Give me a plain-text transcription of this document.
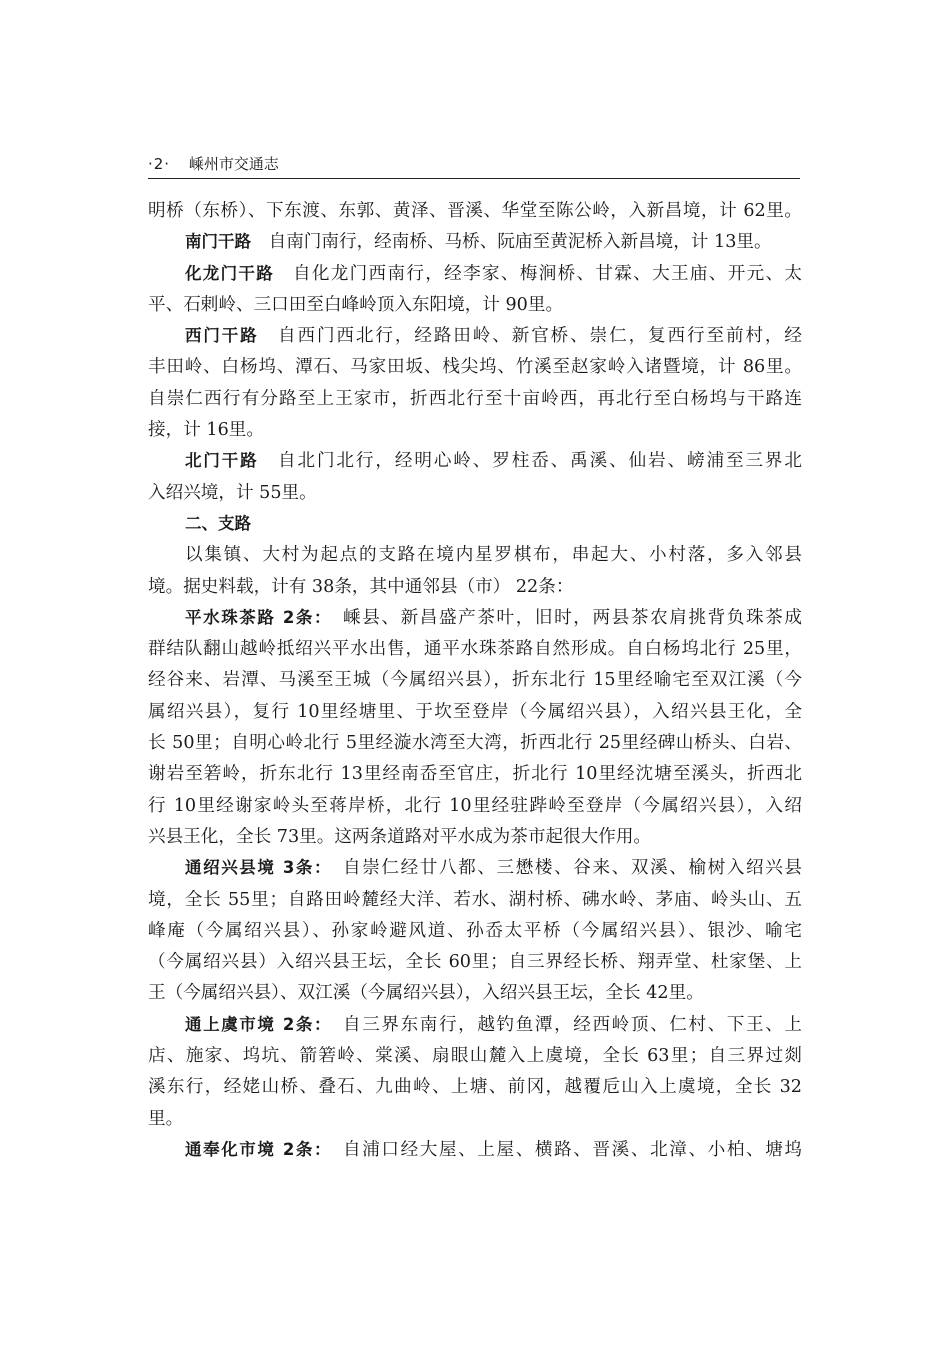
·2· 嵊州市交通志
明桥（东桥）、下东渡、东郭、黄泽、晋溪、华堂至陈公岭，入新昌境，计 62里。
南门干路　自南门南行，经南桥、马桥、阮庙至黄泥桥入新昌境，计 13里。
化龙门干路　自化龙门西南行，经李家、梅涧桥、甘霖、大王庙、开元、太
平、石剌岭、三口田至白峰岭顶入东阳境，计 90里。
西门干路　自西门西北行，经路田岭、新官桥、崇仁，复西行至前村，经
丰田岭、白杨坞、潭石、马家田坂、栈尖坞、竹溪至赵家岭入诸暨境，计 86里。
自崇仁西行有分路至上王家市，折西北行至十亩岭西，再北行至白杨坞与干路连
接，计 16里。
北门干路　自北门北行，经明心岭、罗柱岙、禹溪、仙岩、嵭浦至三界北
入绍兴境，计 55里。
二、支路
以集镇、大村为起点的支路在境内星罗棋布，串起大、小村落，多入邻县
境。据史料载，计有 38条，其中通邻县（市） 22条：
平水珠茶路 2条：　嵊县、新昌盛产茶叶，旧时，两县茶农肩挑背负珠茶成
群结队翻山越岭抵绍兴平水出售，通平水珠茶路自然形成。自白杨坞北行 25里，
经谷来、岩潭、马溪至王城（今属绍兴县），折东北行 15里经喻宅至双江溪（今
属绍兴县），复行 10里经塘里、于坎至登岸（今属绍兴县），入绍兴县王化，全
长 50里；自明心岭北行 5里经漩水湾至大湾，折西北行 25里经碑山桥头、白岩、
谢岩至箬岭，折东北行 13里经南岙至官庄，折北行 10里经沈塘至溪头，折西北
行 10里经谢家岭头至蒋岸桥，北行 10里经驻跸岭至登岸（今属绍兴县），入绍
兴县王化，全长 73里。这两条道路对平水成为茶市起很大作用。
通绍兴县境 3条：　自崇仁经廿八都、三懋楼、谷来、双溪、榆树入绍兴县
境，全长 55里；自路田岭麓经大洋、若水、湖村桥、砩水岭、茅庙、岭头山、五
峰庵（今属绍兴县）、孙家岭避风道、孙岙太平桥（今属绍兴县）、银沙、喻宅
（今属绍兴县）入绍兴县王坛，全长 60里；自三界经长桥、翔弄堂、杜家堡、上
王（今属绍兴县）、双江溪（今属绍兴县），入绍兴县王坛，全长 42里。
通上虞市境 2条：　自三界东南行，越钓鱼潭，经西岭顶、仁村、下王、上
店、施家、坞坑、箭箬岭、棠溪、扇眼山麓入上虞境，全长 63里；自三界过剡
溪东行，经姥山桥、叠石、九曲岭、上塘、前冈，越覆卮山入上虞境，全长 32
里。
通奉化市境 2条：　自浦口经大屋、上屋、横路、晋溪、北漳、小柏、塘坞
